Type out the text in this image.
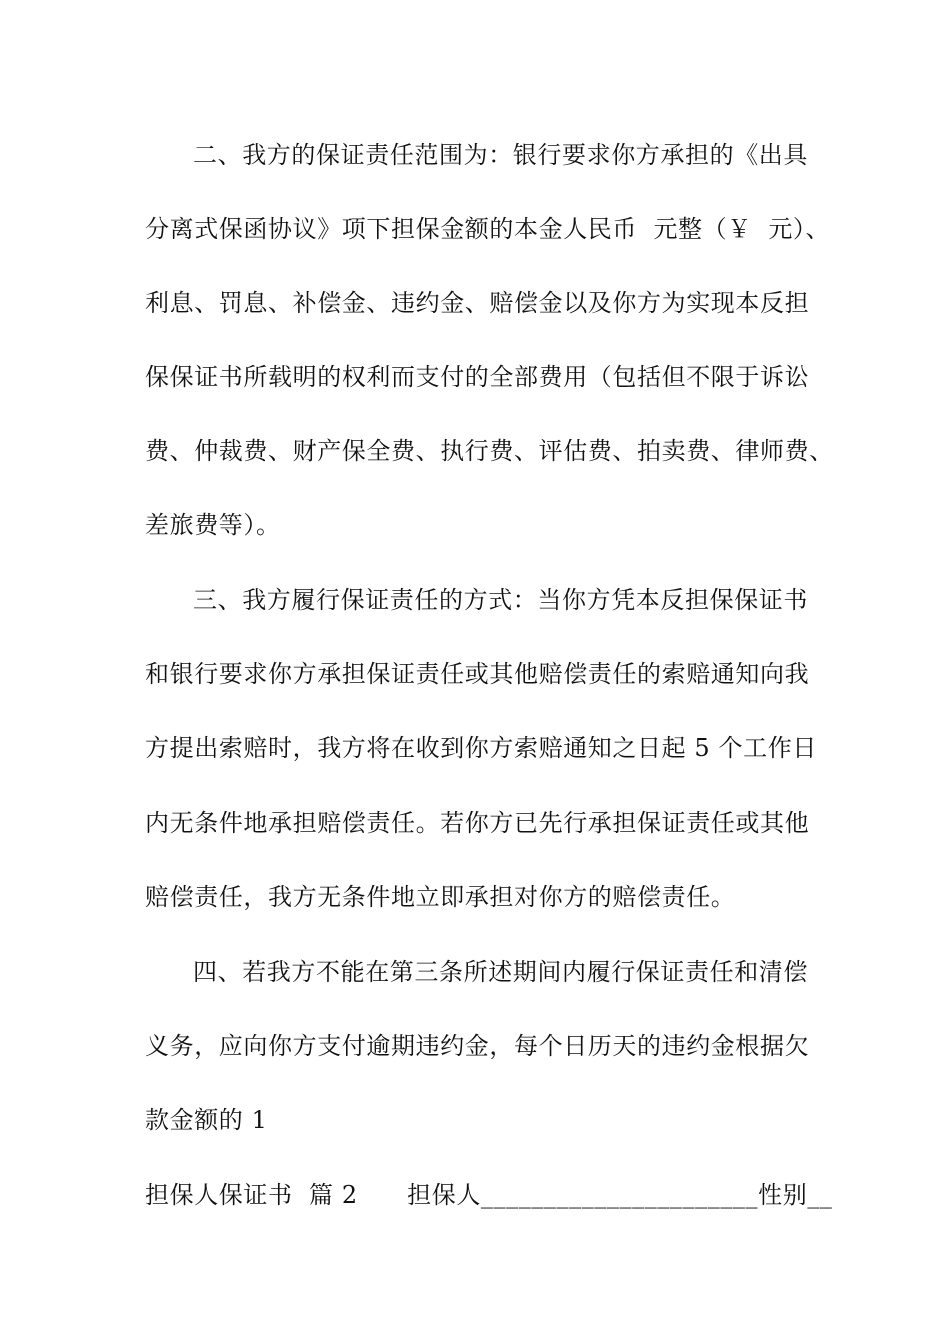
二、我方的保证责任范围为：银行要求你方承担的《出具
分离式保函协议》项下担保金额的本金人民币  元整（￥  元）、
利息、罚息、补偿金、违约金、赔偿金以及你方为实现本反担
保保证书所载明的权利而支付的全部费用（包括但不限于诉讼
费、仲裁费、财产保全费、执行费、评估费、拍卖费、律师费、
差旅费等）。
三、我方履行保证责任的方式：当你方凭本反担保保证书
和银行要求你方承担保证责任或其他赔偿责任的索赔通知向我
方提出索赔时，我方将在收到你方索赔通知之日起 5 个工作日
内无条件地承担赔偿责任。若你方已先行承担保证责任或其他
赔偿责任，我方无条件地立即承担对你方的赔偿责任。
四、若我方不能在第三条所述期间内履行保证责任和清偿
义务，应向你方支付逾期违约金，每个日历天的违约金根据欠
款金额的 1
担保人保证书  篇 2      担保人______________________性别__
